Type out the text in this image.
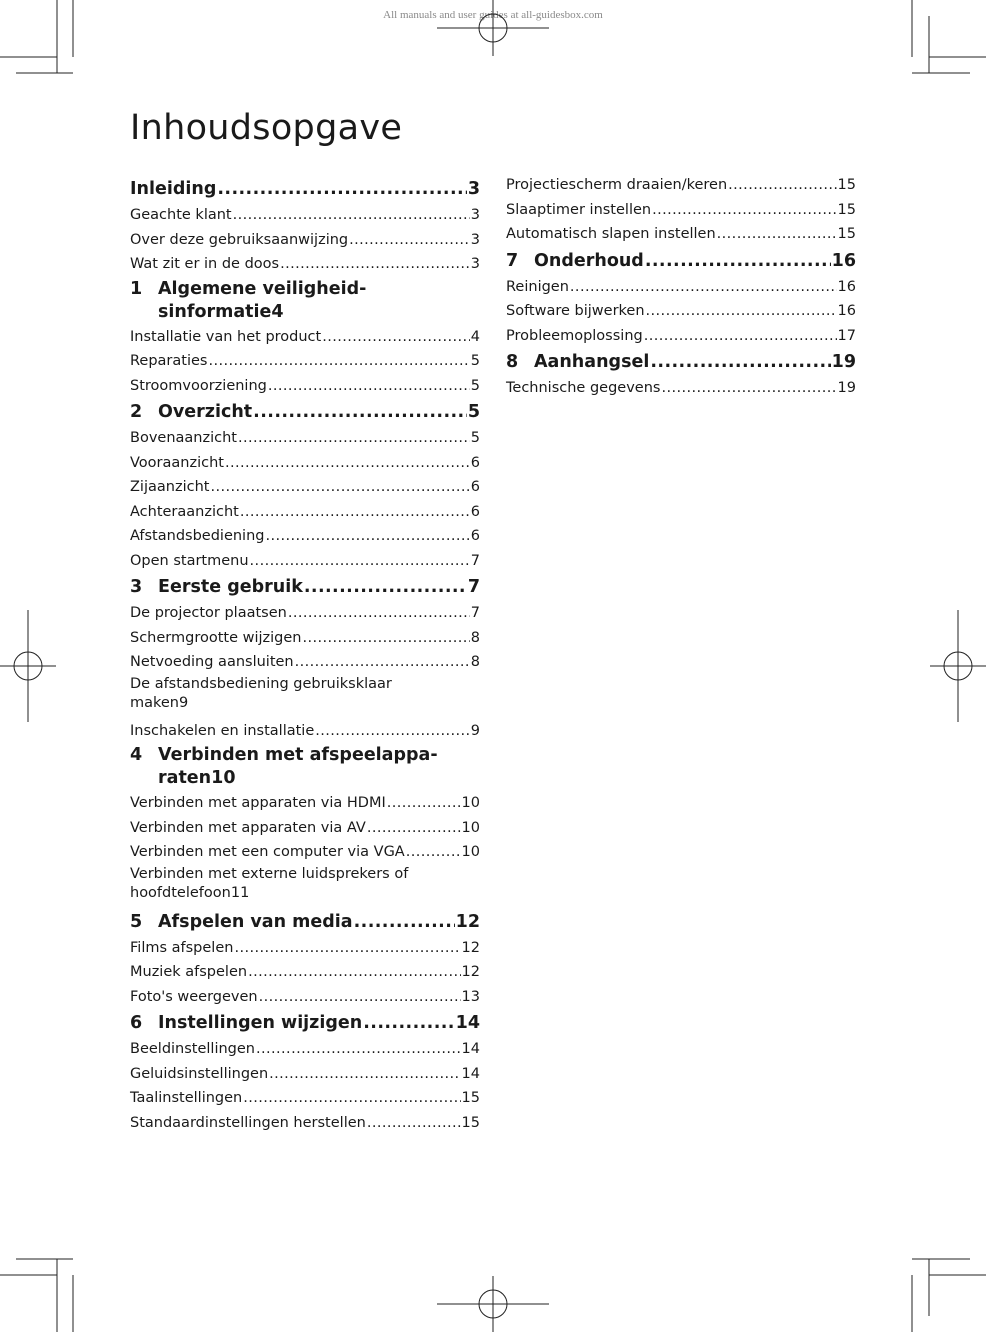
All manuals and user guides at all-guidesbox.com
Inhoudsopgave
Inleiding .....	3
Geachte klant .....	3
Over deze gebruiksaanwijzing .....	3
Wat zit er in de doos .....	3
1 Algemene veiligheid-
sinformatie 4
Installatie van het product .....	4
Reparaties .....	5
Stroomvoorziening .....	5
2 Overzicht .....	5
Bovenaanzicht .....	5
Vooraanzicht .....	6
Zijaanzicht .....	6
Achteraanzicht .....	6
Afstandsbediening .....	6
Open startmenu .....	7
3 Eerste gebruik .....	7
De projector plaatsen .....	7
Schermgrootte wijzigen .....	8
Netvoeding aansluiten .....	8
De afstandsbediening gebruiksklaar
maken 9
Inschakelen en installatie .....	9
4 Verbinden met afspeelappa-
raten 10
Verbinden met apparaten via HDMI .....	10
Verbinden met apparaten via AV .....	10
Verbinden met een computer via VGA .....	10
Verbinden met externe luidsprekers of
hoofdtelefoon 11
5 Afspelen van media .....	12
Films afspelen .....	12
Muziek afspelen .....	12
Foto's weergeven .....	13
6 Instellingen wijzigen .....	14
Beeldinstellingen .....	14
Geluidsinstellingen .....	14
Taalinstellingen .....	15
Standaardinstellingen herstellen .....	15
Projectiescherm draaien/keren .....	15
Slaaptimer instellen .....	15
Automatisch slapen instellen .....	15
7 Onderhoud .....	16
Reinigen .....	16
Software bijwerken .....	16
Probleemoplossing .....	17
8 Aanhangsel .....	19
Technische gegevens .....	19
